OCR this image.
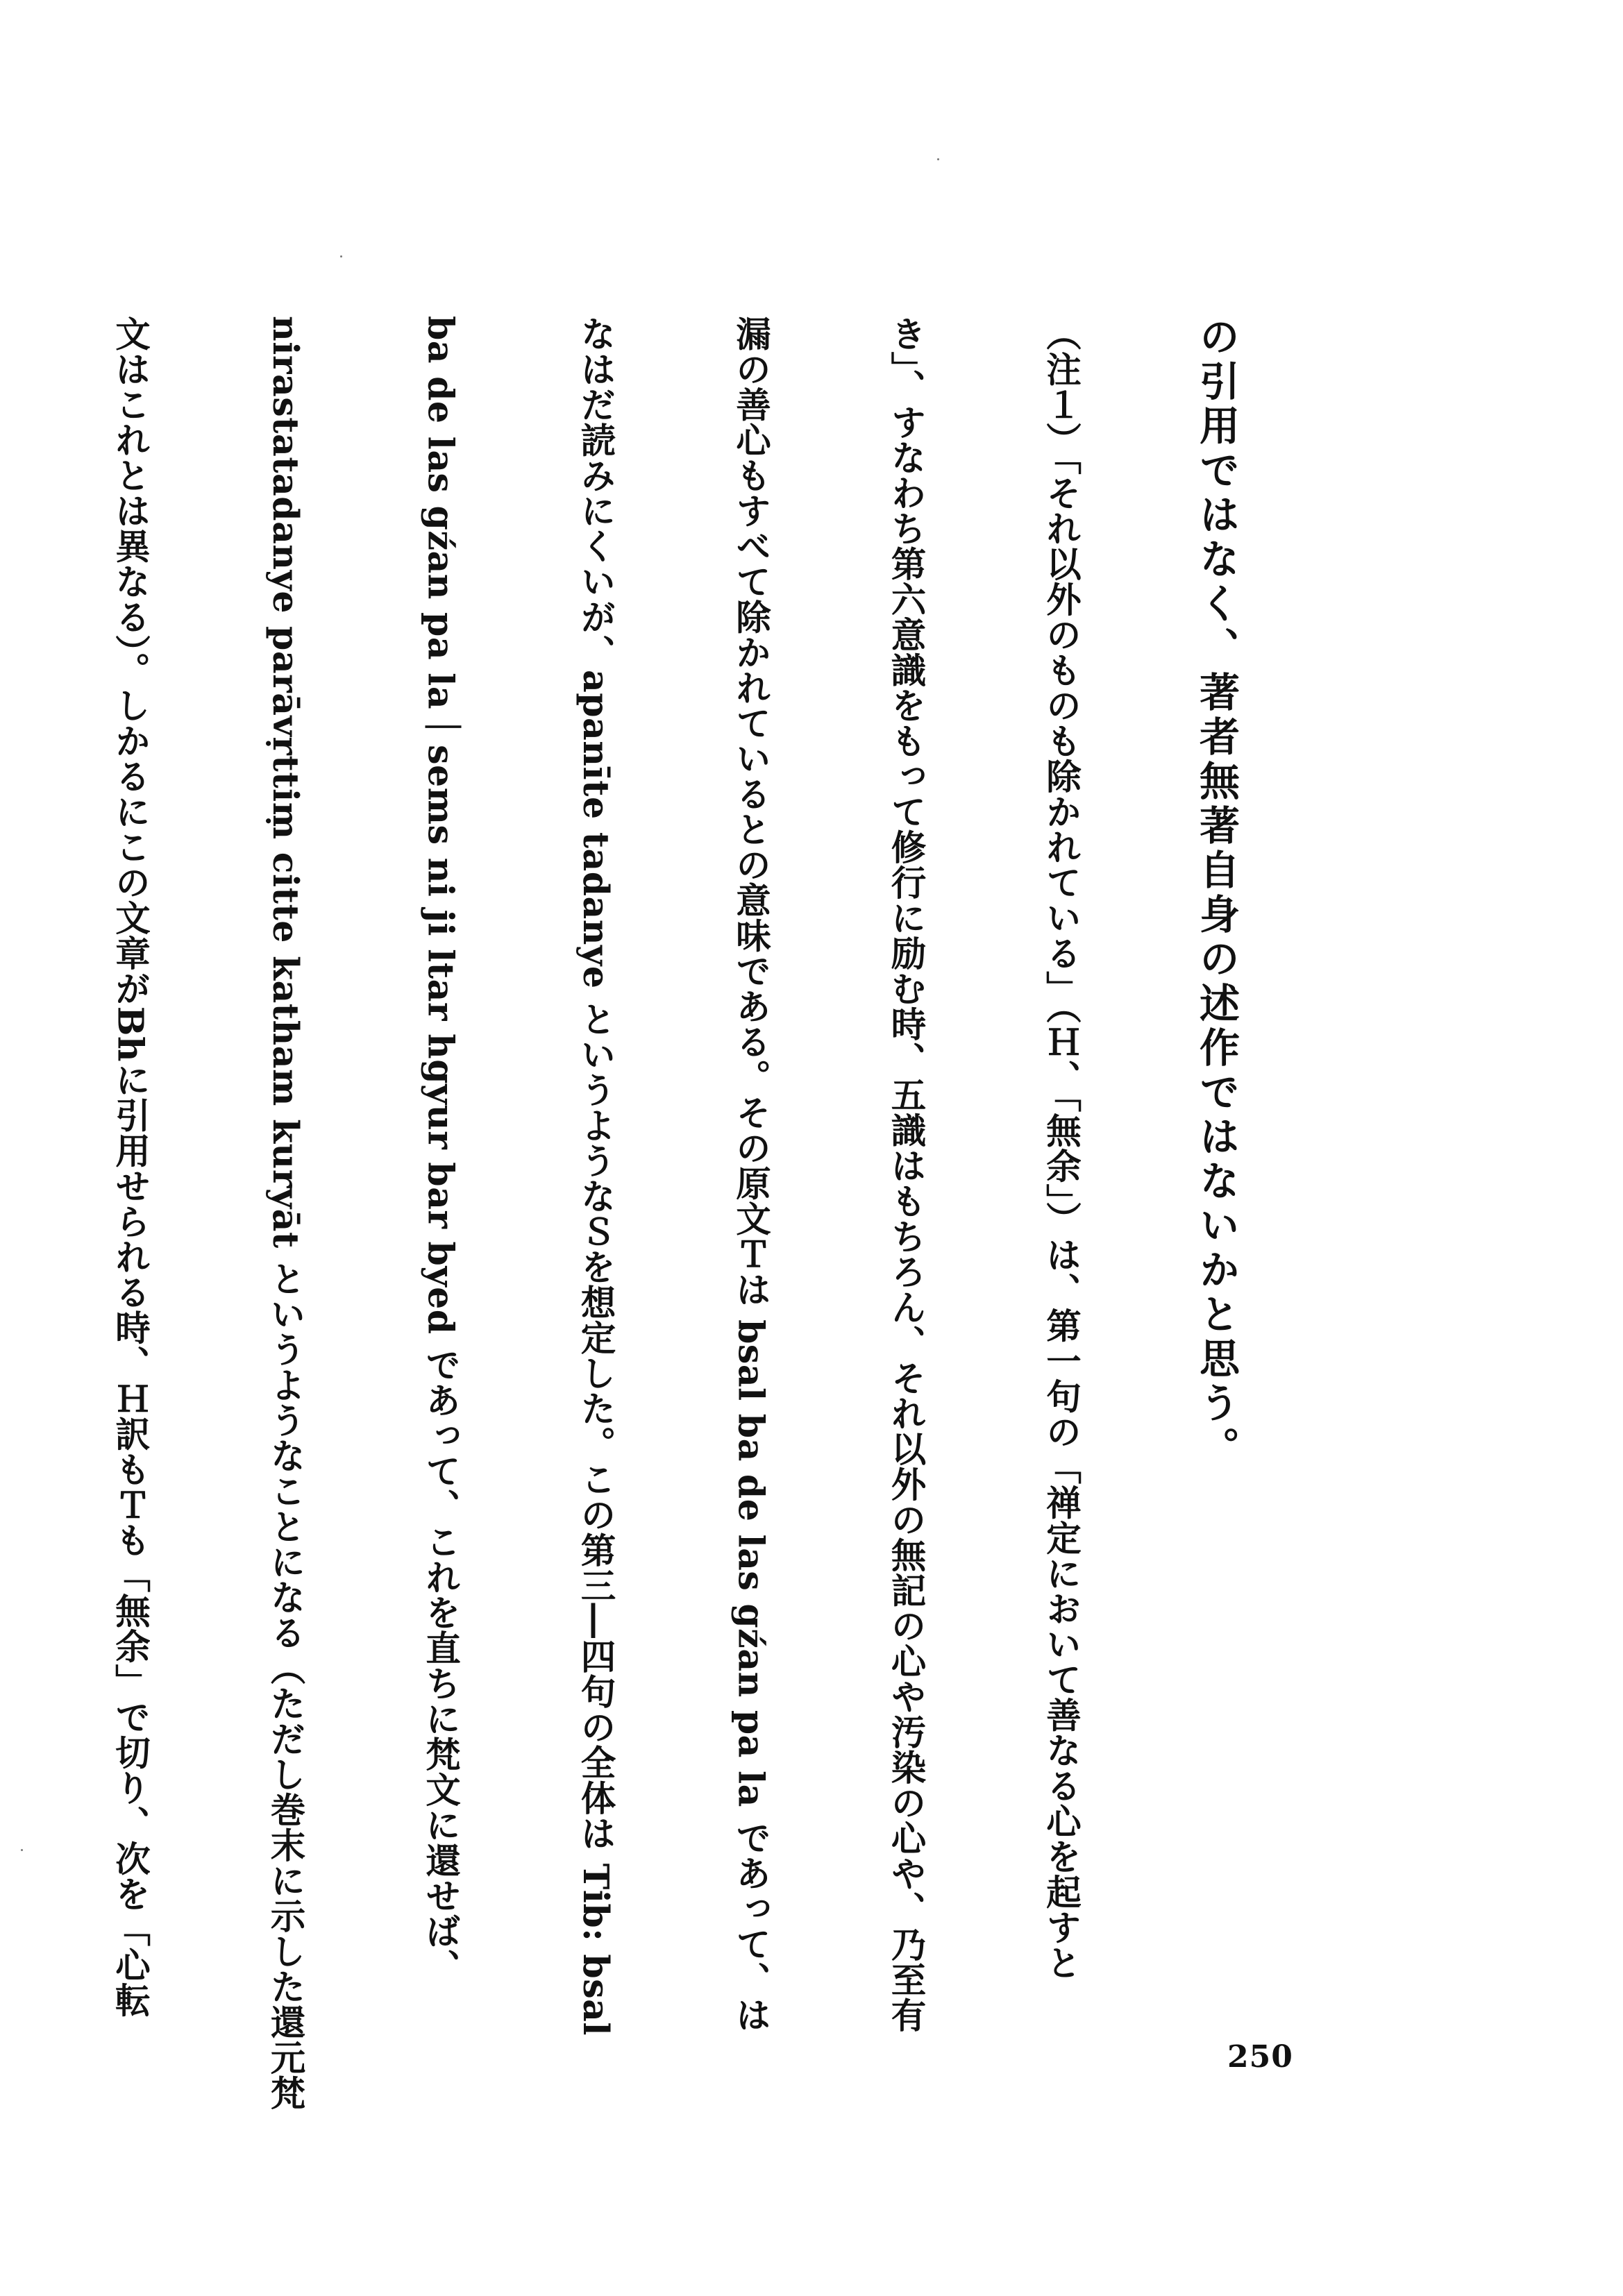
の引用ではなく、著者無著自身の述作ではないかと思う。

（注１）「それ以外のものも除かれている」（Ｈ、「無余」）は、第一句の「禅定において善なる心を起すと

き」、すなわち第六意識をもって修行に励む時、五識はもちろん、それ以外の無記の心や汚染の心や、乃至有

漏の善心もすべて除かれているとの意味である。その原文Ｔは bsal ba de las gźan pa la であって、は

なはだ読みにくいが、apanīte tadanye というようなＳを想定した。この第三―四句の全体は Tib: bsal

ba de las gźan pa la｜sems ni ji ltar hgyur bar byed であって、これを直ちに梵文に還せば、

nirastatadanye parāvṛttiṃ citte katham kuryāt というようなことになる（ただし巻末に示した還元梵

文はこれとは異なる）。しかるにこの文章がBhに引用せられる時、Ｈ訳もＴも「無余」で切り、次を「心転

250
